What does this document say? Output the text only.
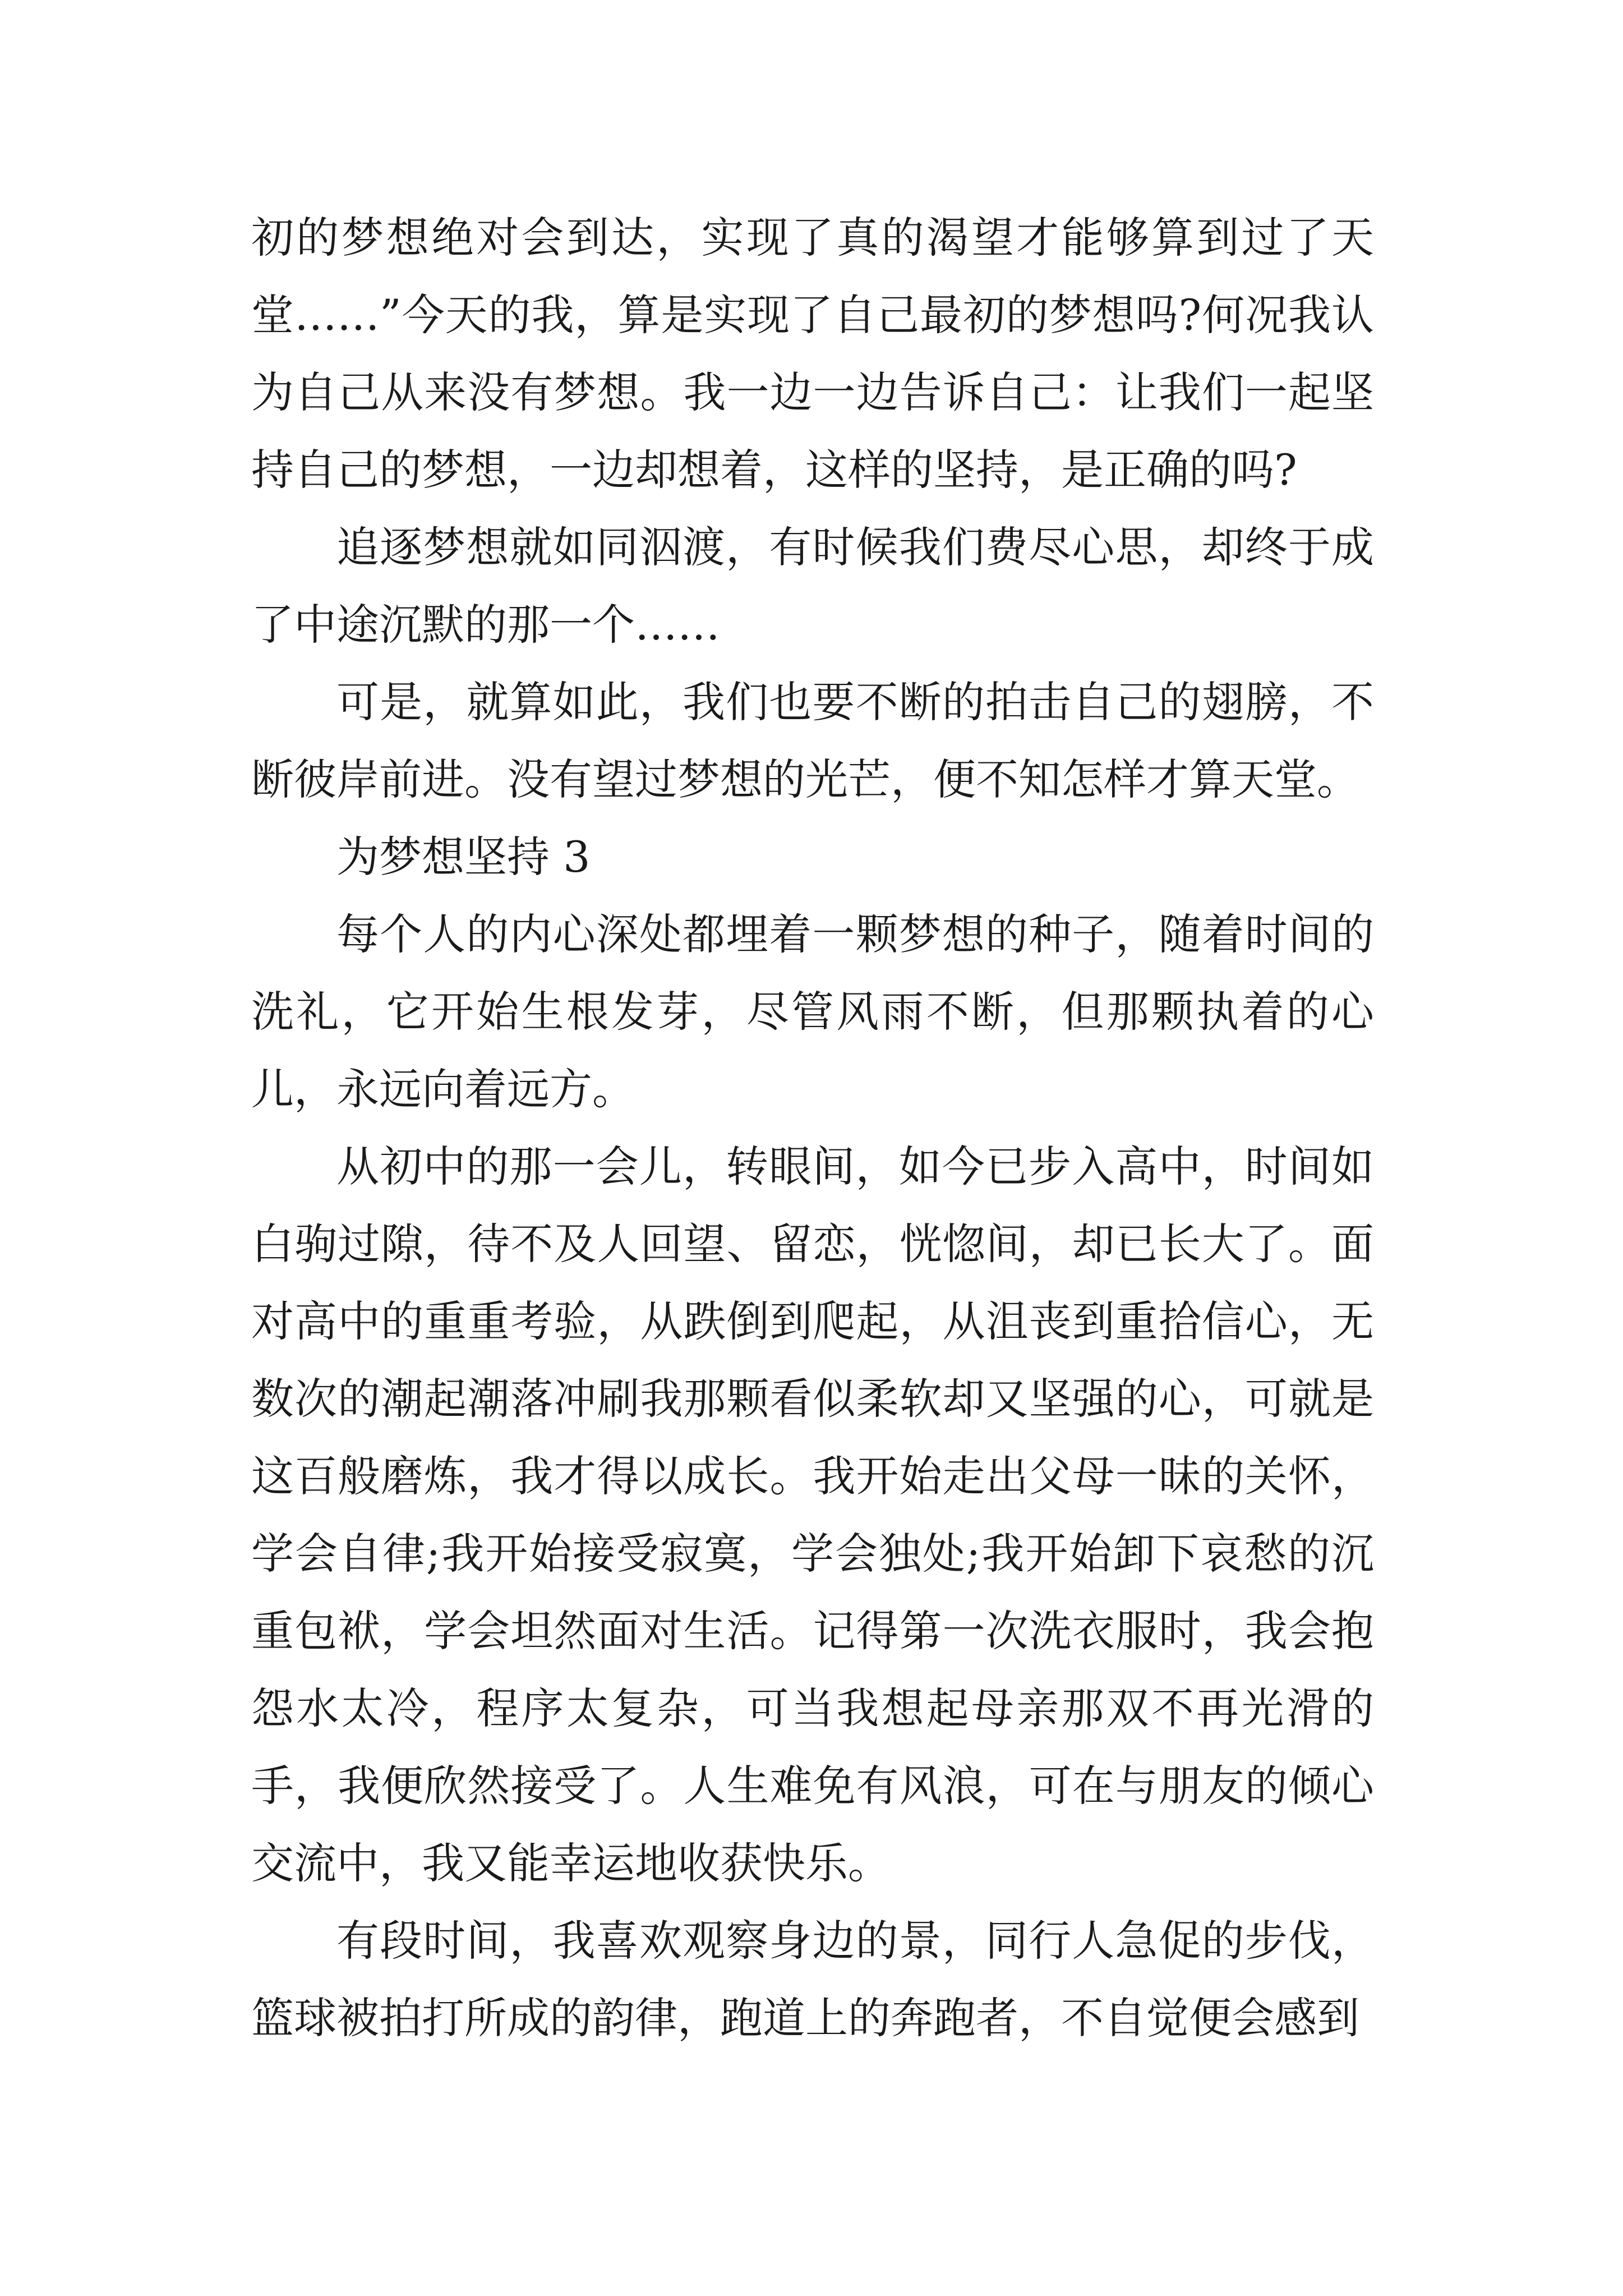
初的梦想绝对会到达，实现了真的渴望才能够算到过了天堂……”今天的我，算是实现了自己最初的梦想吗?何况我认为自己从来没有梦想。我一边一边告诉自己：让我们一起坚持自己的梦想，一边却想着，这样的坚持，是正确的吗?

追逐梦想就如同泅渡，有时候我们费尽心思，却终于成了中途沉默的那一个……

可是，就算如此，我们也要不断的拍击自己的翅膀，不断彼岸前进。没有望过梦想的光芒，便不知怎样才算天堂。

为梦想坚持 3

每个人的内心深处都埋着一颗梦想的种子，随着时间的洗礼，它开始生根发芽，尽管风雨不断，但那颗执着的心儿，永远向着远方。

从初中的那一会儿，转眼间，如今已步入高中，时间如白驹过隙，待不及人回望、留恋，恍惚间，却已长大了。面对高中的重重考验，从跌倒到爬起，从沮丧到重拾信心，无数次的潮起潮落冲刷我那颗看似柔软却又坚强的心，可就是这百般磨炼，我才得以成长。我开始走出父母一昧的关怀，学会自律;我开始接受寂寞，学会独处;我开始卸下哀愁的沉重包袱，学会坦然面对生活。记得第一次洗衣服时，我会抱怨水太冷，程序太复杂，可当我想起母亲那双不再光滑的手，我便欣然接受了。人生难免有风浪，可在与朋友的倾心交流中，我又能幸运地收获快乐。

有段时间，我喜欢观察身边的景，同行人急促的步伐，篮球被拍打所成的韵律，跑道上的奔跑者，不自觉便会感到
